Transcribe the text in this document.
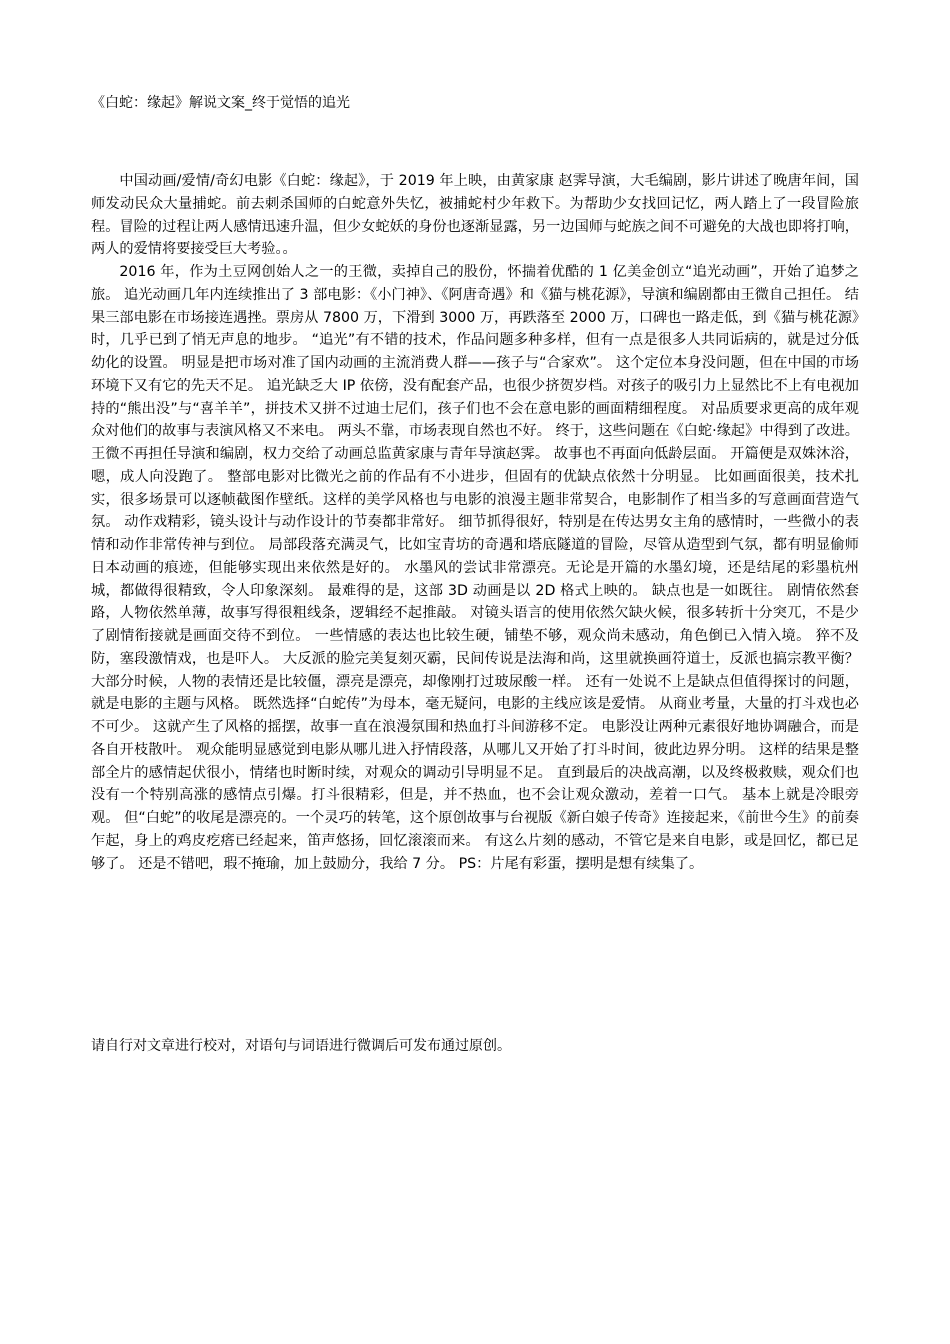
《白蛇：缘起》解说文案_终于觉悟的追光

中国动画/爱情/奇幻电影《白蛇：缘起》，于 2019 年上映，由黄家康 赵霁导演，大毛编剧，影片讲述了晚唐年间，国师发动民众大量捕蛇。前去刺杀国师的白蛇意外失忆，被捕蛇村少年救下。为帮助少女找回记忆，两人踏上了一段冒险旅程。冒险的过程让两人感情迅速升温，但少女蛇妖的身份也逐渐显露，另一边国师与蛇族之间不可避免的大战也即将打响，两人的爱情将要接受巨大考验。。

2016 年，作为土豆网创始人之一的王微，卖掉自己的股份，怀揣着优酷的 1 亿美金创立“追光动画”，开始了追梦之旅。 追光动画几年内连续推出了 3 部电影：《小门神》、《阿唐奇遇》和《猫与桃花源》，导演和编剧都由王微自己担任。 结果三部电影在市场接连遇挫。票房从 7800 万，下滑到 3000 万，再跌落至 2000 万，口碑也一路走低，到《猫与桃花源》时，几乎已到了悄无声息的地步。 “追光”有不错的技术，作品问题多种多样，但有一点是很多人共同诟病的，就是过分低幼化的设置。 明显是把市场对准了国内动画的主流消费人群——孩子与“合家欢”。 这个定位本身没问题，但在中国的市场环境下又有它的先天不足。 追光缺乏大 IP 依傍，没有配套产品，也很少挤贺岁档。对孩子的吸引力上显然比不上有电视加持的“熊出没”与“喜羊羊”，拼技术又拼不过迪士尼们，孩子们也不会在意电影的画面精细程度。 对品质要求更高的成年观众对他们的故事与表演风格又不来电。 两头不靠，市场表现自然也不好。 终于，这些问题在《白蛇·缘起》中得到了改进。 王微不再担任导演和编剧，权力交给了动画总监黄家康与青年导演赵霁。 故事也不再面向低龄层面。 开篇便是双姝沐浴，嗯，成人向没跑了。 整部电影对比微光之前的作品有不小进步，但固有的优缺点依然十分明显。 比如画面很美，技术扎实，很多场景可以逐帧截图作壁纸。这样的美学风格也与电影的浪漫主题非常契合，电影制作了相当多的写意画面营造气氛。 动作戏精彩，镜头设计与动作设计的节奏都非常好。 细节抓得很好，特别是在传达男女主角的感情时，一些微小的表情和动作非常传神与到位。 局部段落充满灵气，比如宝青坊的奇遇和塔底隧道的冒险，尽管从造型到气氛，都有明显偷师日本动画的痕迹，但能够实现出来依然是好的。 水墨风的尝试非常漂亮。无论是开篇的水墨幻境，还是结尾的彩墨杭州城，都做得很精致，令人印象深刻。 最难得的是，这部 3D 动画是以 2D 格式上映的。 缺点也是一如既往。 剧情依然套路，人物依然单薄，故事写得很粗线条，逻辑经不起推敲。 对镜头语言的使用依然欠缺火候，很多转折十分突兀，不是少了剧情衔接就是画面交待不到位。 一些情感的表达也比较生硬，铺垫不够，观众尚未感动，角色倒已入情入境。 猝不及防，塞段激情戏，也是吓人。 大反派的脸完美复刻灭霸，民间传说是法海和尚，这里就换画符道士，反派也搞宗教平衡？ 大部分时候，人物的表情还是比较僵，漂亮是漂亮，却像刚打过玻尿酸一样。 还有一处说不上是缺点但值得探讨的问题，就是电影的主题与风格。 既然选择“白蛇传”为母本，毫无疑问，电影的主线应该是爱情。 从商业考量，大量的打斗戏也必不可少。 这就产生了风格的摇摆，故事一直在浪漫氛围和热血打斗间游移不定。 电影没让两种元素很好地协调融合，而是各自开枝散叶。 观众能明显感觉到电影从哪儿进入抒情段落，从哪儿又开始了打斗时间，彼此边界分明。 这样的结果是整部全片的感情起伏很小，情绪也时断时续，对观众的调动引导明显不足。 直到最后的决战高潮，以及终极救赎，观众们也没有一个特别高涨的感情点引爆。打斗很精彩，但是，并不热血，也不会让观众激动，差着一口气。 基本上就是冷眼旁观。 但“白蛇”的收尾是漂亮的。一个灵巧的转笔，这个原创故事与台视版《新白娘子传奇》连接起来，《前世今生》的前奏乍起，身上的鸡皮疙瘩已经起来，笛声悠扬，回忆滚滚而来。 有这么片刻的感动，不管它是来自电影，或是回忆，都已足够了。 还是不错吧，瑕不掩瑜，加上鼓励分，我给 7 分。 PS：片尾有彩蛋，摆明是想有续集了。

请自行对文章进行校对，对语句与词语进行微调后可发布通过原创。
